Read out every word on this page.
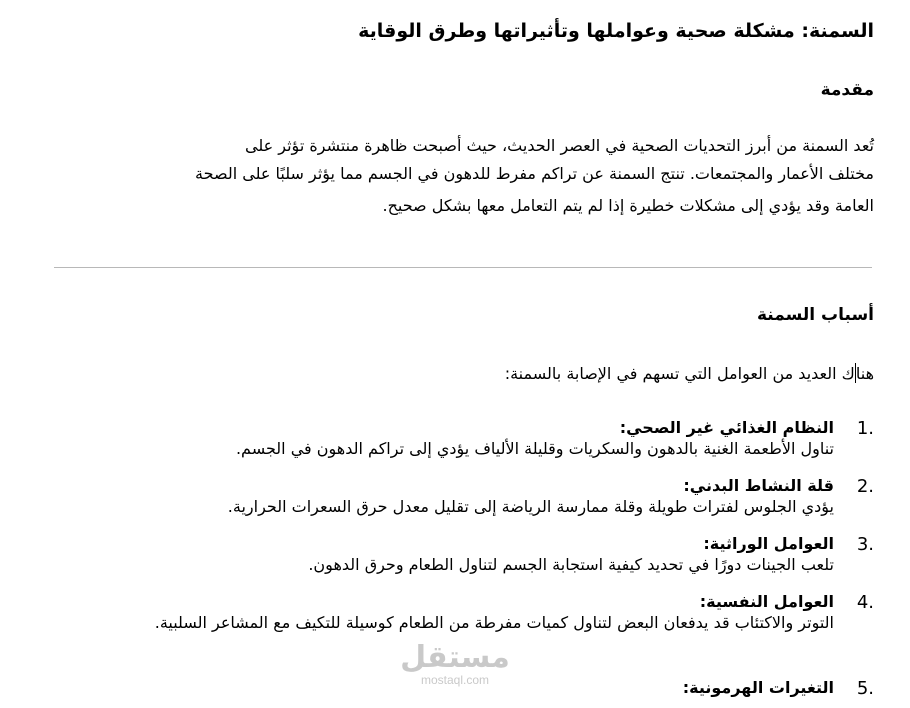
السمنة: مشكلة صحية وعواملها وتأثيراتها وطرق الوقاية
مقدمة
تُعد السمنة من أبرز التحديات الصحية في العصر الحديث، حيث أصبحت ظاهرة منتشرة تؤثر على
مختلف الأعمار والمجتمعات. تنتج السمنة عن تراكم مفرط للدهون في الجسم مما يؤثر سلبًا على الصحة
العامة وقد يؤدي إلى مشكلات خطيرة إذا لم يتم التعامل معها بشكل صحيح.
أسباب السمنة
هناك العديد من العوامل التي تسهم في الإصابة بالسمنة:
1.
النظام الغذائي غير الصحي:
تناول الأطعمة الغنية بالدهون والسكريات وقليلة الألياف يؤدي إلى تراكم الدهون في الجسم.
2.
قلة النشاط البدني:
يؤدي الجلوس لفترات طويلة وقلة ممارسة الرياضة إلى تقليل معدل حرق السعرات الحرارية.
3.
العوامل الوراثية:
تلعب الجينات دورًا في تحديد كيفية استجابة الجسم لتناول الطعام وحرق الدهون.
4.
العوامل النفسية:
التوتر والاكتئاب قد يدفعان البعض لتناول كميات مفرطة من الطعام كوسيلة للتكيف مع المشاعر السلبية.
5.
التغيرات الهرمونية:
مستقل
mostaql.com
